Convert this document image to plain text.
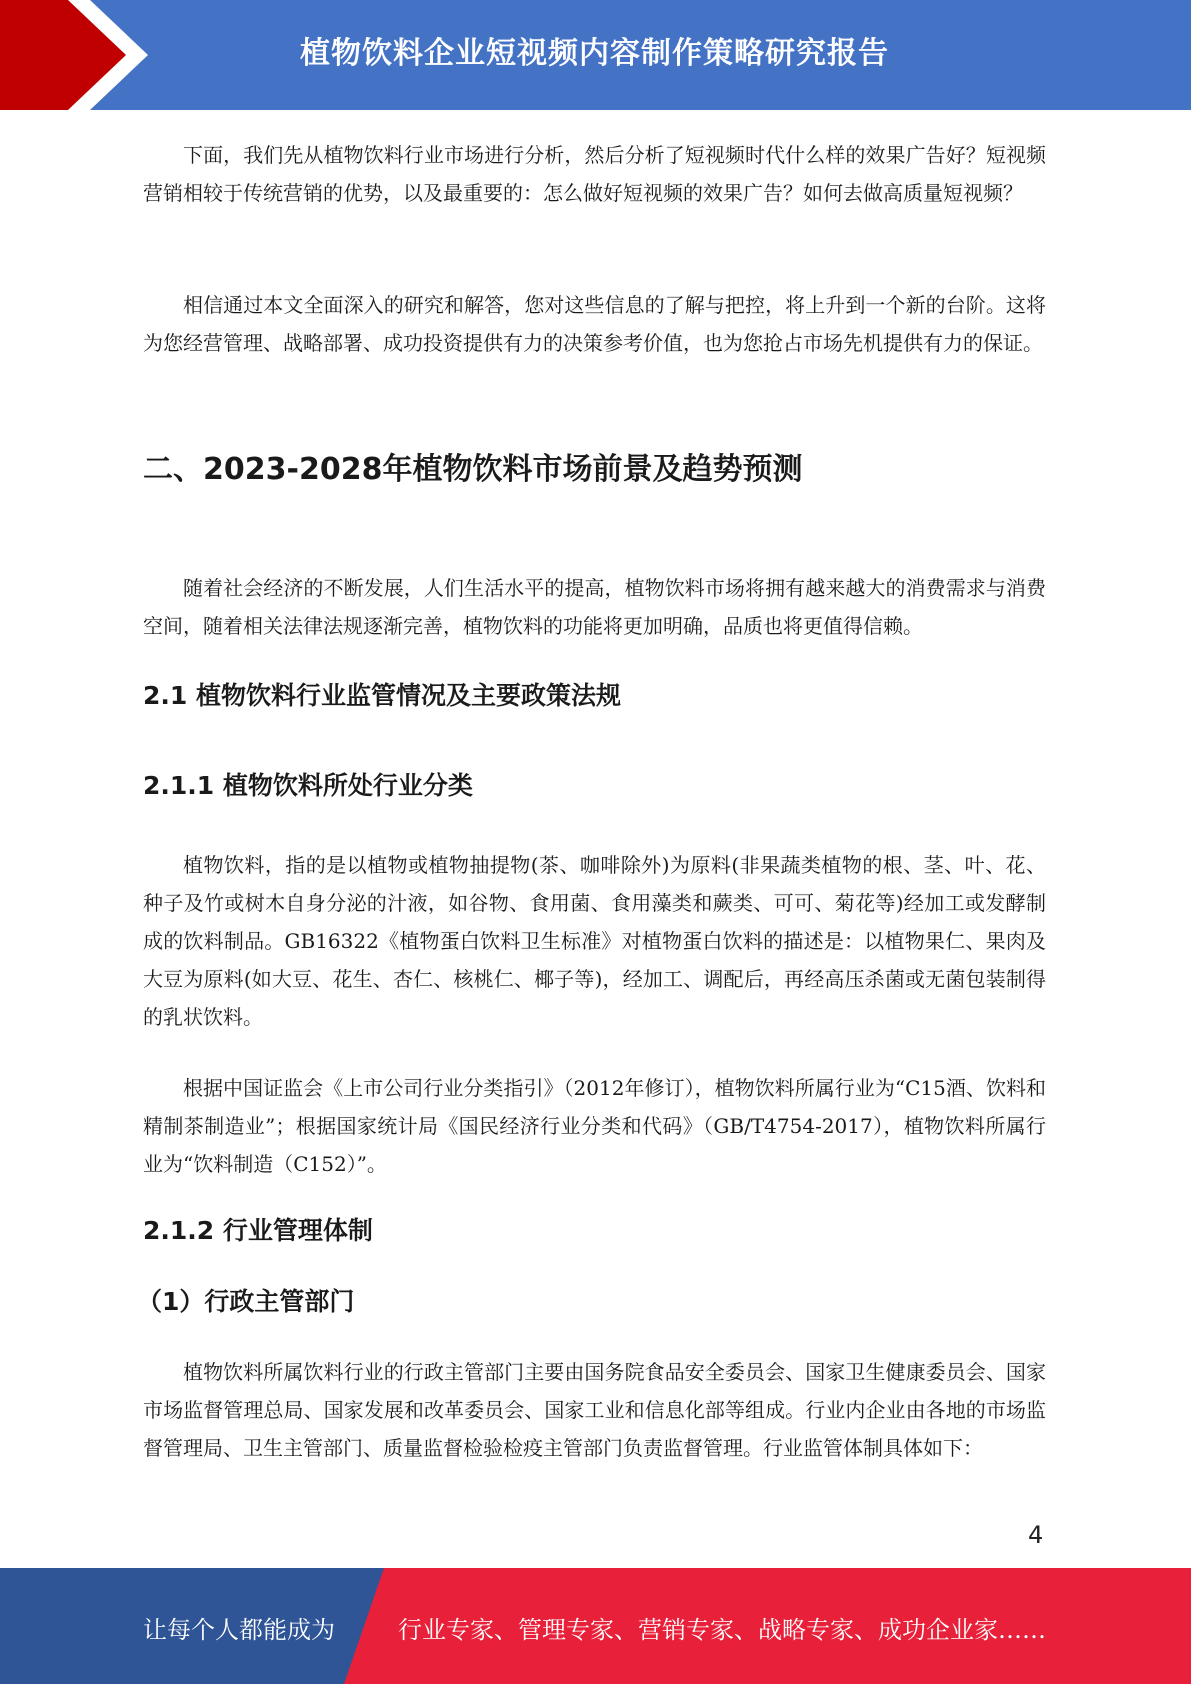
植物饮料企业短视频内容制作策略研究报告

下面，我们先从植物饮料行业市场进行分析，然后分析了短视频时代什么样的效果广告好？短视频营销相较于传统营销的优势，以及最重要的：怎么做好短视频的效果广告？如何去做高质量短视频？

相信通过本文全面深入的研究和解答，您对这些信息的了解与把控，将上升到一个新的台阶。这将为您经营管理、战略部署、成功投资提供有力的决策参考价值，也为您抢占市场先机提供有力的保证。

二、2023-2028年植物饮料市场前景及趋势预测

随着社会经济的不断发展，人们生活水平的提高，植物饮料市场将拥有越来越大的消费需求与消费空间，随着相关法律法规逐渐完善，植物饮料的功能将更加明确，品质也将更值得信赖。

2.1 植物饮料行业监管情况及主要政策法规
2.1.1 植物饮料所处行业分类

植物饮料，指的是以植物或植物抽提物(茶、咖啡除外)为原料(非果蔬类植物的根、茎、叶、花、种子及竹或树木自身分泌的汁液，如谷物、食用菌、食用藻类和蕨类、可可、菊花等)经加工或发酵制成的饮料制品。GB16322《植物蛋白饮料卫生标准》对植物蛋白饮料的描述是：以植物果仁、果肉及大豆为原料(如大豆、花生、杏仁、核桃仁、椰子等)，经加工、调配后，再经高压杀菌或无菌包装制得的乳状饮料。

根据中国证监会《上市公司行业分类指引》（2012年修订），植物饮料所属行业为“C15酒、饮料和精制茶制造业”；根据国家统计局《国民经济行业分类和代码》（GB/T4754-2017），植物饮料所属行业为“饮料制造（C152）”。

2.1.2 行业管理体制
（1）行政主管部门

植物饮料所属饮料行业的行政主管部门主要由国务院食品安全委员会、国家卫生健康委员会、国家市场监督管理总局、国家发展和改革委员会、国家工业和信息化部等组成。行业内企业由各地的市场监督管理局、卫生主管部门、质量监督检验检疫主管部门负责监督管理。行业监管体制具体如下：

4
让每个人都能成为	行业专家、管理专家、营销专家、战略专家、成功企业家……
